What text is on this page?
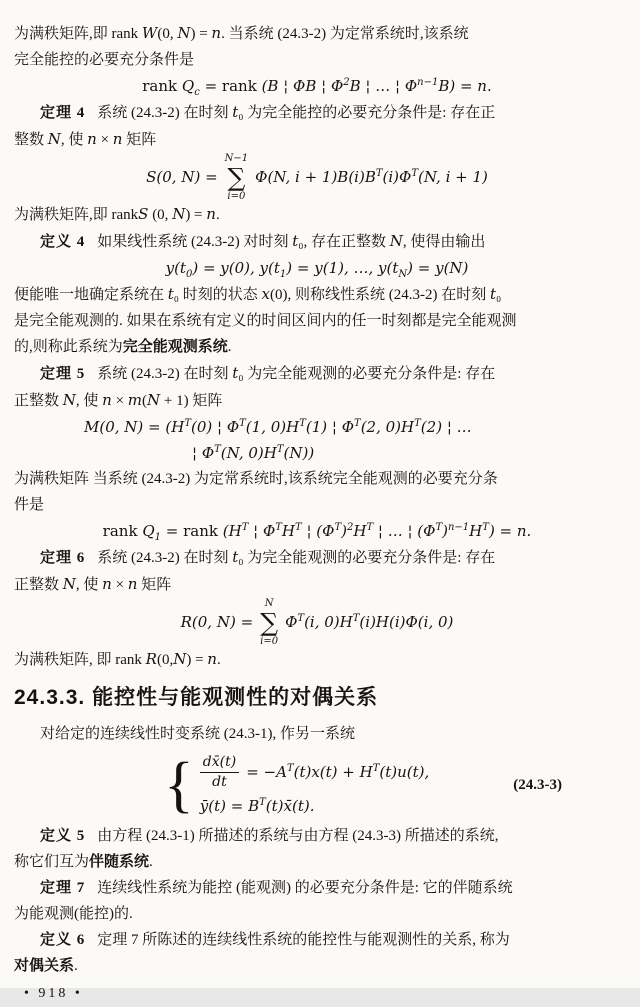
为满秩矩阵,即 rank W(0, N) = n. 当系统 (24.3-2) 为定常系统时,该系统
完全能控的必要充分条件是
rank $Q_c$ = rank (B ¦ ΦB ¦ $\Phi^2B$ ¦ … ¦ $\Phi^{n-1}B) = n$.
定理 4 系统 (24.3-2) 在时刻 t₀ 为完全能控的必要充分条件是: 存在正
整数 N, 使 n × n 矩阵
S(0, N) =
N−1
∑
i=0
Φ(N, $i + 1)B(i)B^T(i)\Phi^T(N$, i + 1)
为满秩矩阵,即 rankS (0, N) = n.
定义 4 如果线性系统 (24.3-2) 对时刻 t₀, 存在正整数 N, 使得由输出
$y(t_0) = y(0)$, $y(t_1) = y(1)$, …, $y(t_N) = y(N)$
便能唯一地确定系统在 t₀ 时刻的状态 x(0), 则称线性系统 (24.3-2) 在时刻 t₀
是完全能观测的. 如果在系统有定义的时间区间内的任一时刻都是完全能观测
的,则称此系统为完全能观测系统.
定理 5 系统 (24.3-2) 在时刻 t₀ 为完全能观测的必要充分条件是: 存在
正整数 N, 使 n × m(N + 1) 矩阵
M(0, $N) = (H^T(0)$ ¦ $\Phi^T(1$, $0)H^T(1)$ ¦ $\Phi^T(2$, $0)H^T(2)$ ¦ …
¦ $\Phi^T(N$, $0)H^T(N)$)
为满秩矩阵 当系统 (24.3-2) 为定常系统时,该系统完全能观测的必要充分条
件是
rank $Q_1$ = rank ($H^T$ ¦ $\Phi^TH^T$ ¦ $(\Phi^T)^2H^T$ ¦ … ¦ $(\Phi^T)^{n-1}H^T) = n$.
定理 6 系统 (24.3-2) 在时刻 t₀ 为完全能观测的必要充分条件是: 存在
正整数 N, 使 n × n 矩阵
R(0, N) =
N
∑
i=0
$\Phi^T(i$, $0)H^T(i)H(i)\Phi(i$, 0)
为满秩矩阵, 即 rank R(0,N) = n.
24.3.3. 能控性与能观测性的对偶关系
对给定的连续线性时变系统 (24.3-1), 作另一系统
{ $\frac{dx̄(t)}{dt} = -A^T(t)x(t) + H^T(t)u(t)$,
ȳ(t) = $B^T(t)x̄(t)$.
(24.3-3)
定义 5 由方程 (24.3-1) 所描述的系统与由方程 (24.3-3) 所描述的系统,
称它们互为伴随系统.
定理 7 连续线性系统为能控 (能观测) 的必要充分条件是: 它的伴随系统
为能观测(能控)的.
定义 6 定理 7 所陈述的连续线性系统的能控性与能观测性的关系, 称为
对偶关系.
• 918 •
